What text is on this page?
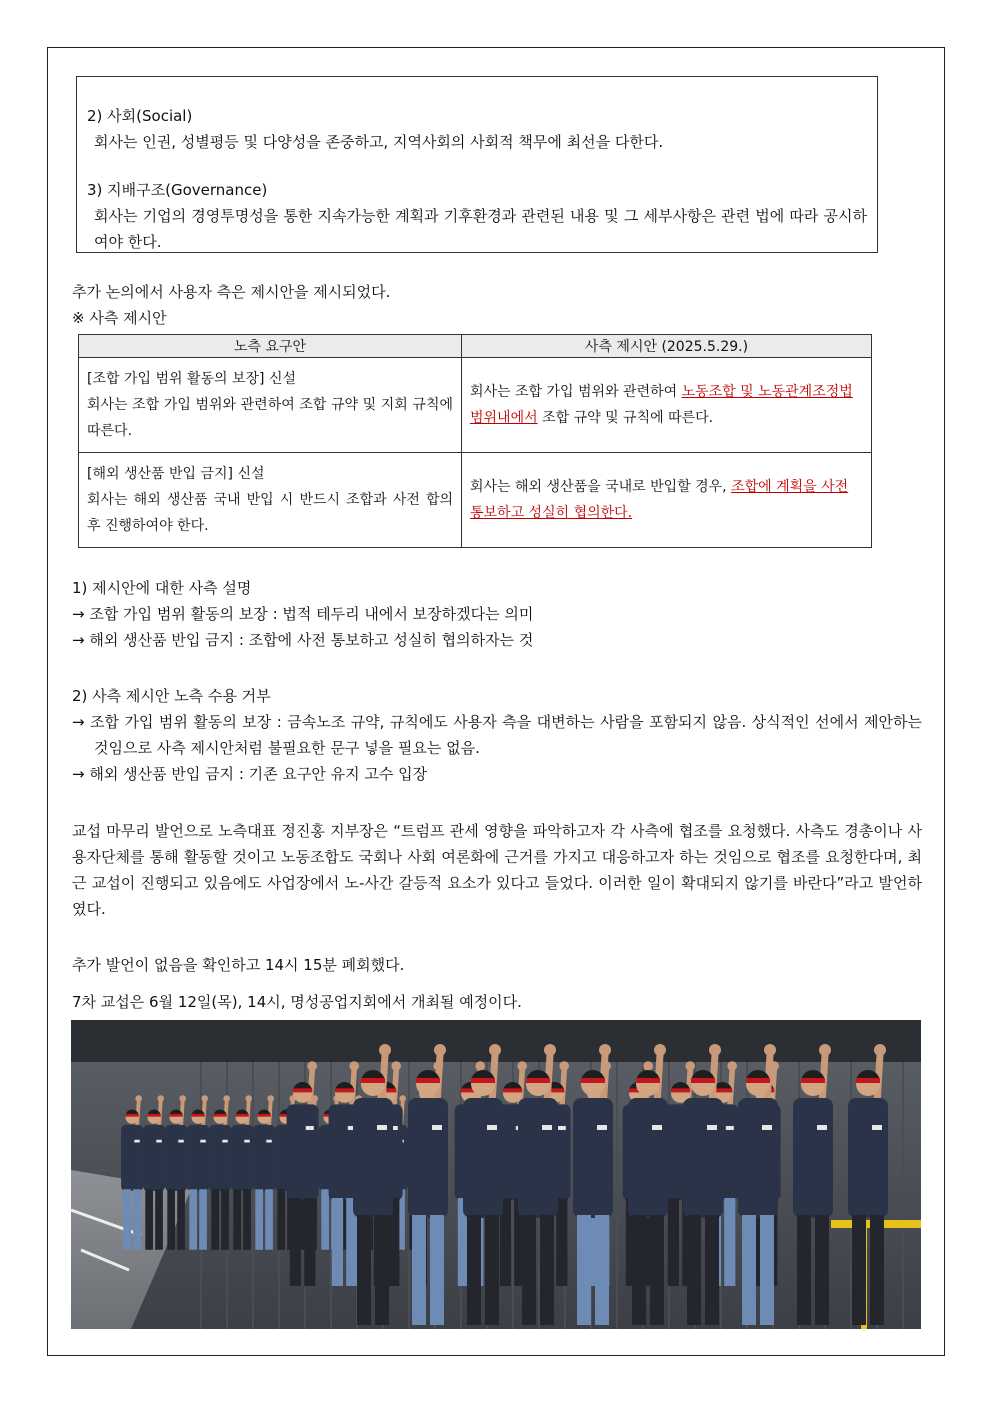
2) 사회(Social)
회사는 인권, 성별평등 및 다양성을 존중하고, 지역사회의 사회적 책무에 최선을 다한다.
3) 지배구조(Governance)
회사는 기업의 경영투명성을 통한 지속가능한 계획과 기후환경과 관련된 내용 및 그 세부사항은 관련 법에 따라 공시하여야 한다.
추가 논의에서 사용자 측은 제시안을 제시되었다.
※ 사측 제시안
노측 요구안	사측 제시안 (2025.5.29.)

[조합 가입 범위 활동의 보장] 신설
회사는 조합 가입 범위와 관련하여 조합 규약 및 지회 규칙에 따른다.	회사는 조합 가입 범위와 관련하여 노동조합 및 노동관계조정법 범위내에서 조합 규약 및 규칙에 따른다.

[해외 생산품 반입 금지] 신설
회사는 해외 생산품 국내 반입 시 반드시 조합과 사전 합의 후 진행하여야 한다.	회사는 해외 생산품을 국내로 반입할 경우, 조합에 계획을 사전 통보하고 성실히 협의한다.
1) 제시안에 대한 사측 설명
→ 조합 가입 범위 활동의 보장 : 법적 테두리 내에서 보장하겠다는 의미
→ 해외 생산품 반입 금지 : 조합에 사전 통보하고 성실히 협의하자는 것
2) 사측 제시안 노측 수용 거부
→ 조합 가입 범위 활동의 보장 : 금속노조 규약, 규칙에도 사용자 측을 대변하는 사람을 포함되지 않음. 상식적인 선에서 제안하는 것임으로 사측 제시안처럼 불필요한 문구 넣을 필요는 없음.
→ 해외 생산품 반입 금지 : 기존 요구안 유지 고수 입장
교섭 마무리 발언으로 노측대표 정진홍 지부장은 “트럼프 관세 영향을 파악하고자 각 사측에 협조를 요청했다. 사측도 경총이나 사용자단체를 통해 활동할 것이고 노동조합도 국회나 사회 여론화에 근거를 가지고 대응하고자 하는 것임으로 협조를 요청한다며, 최근 교섭이 진행되고 있음에도 사업장에서 노-사간 갈등적 요소가 있다고 들었다. 이러한 일이 확대되지 않기를 바란다”라고 발언하였다.
추가 발언이 없음을 확인하고 14시 15분 폐회했다.
7차 교섭은 6월 12일(목), 14시, 명성공업지회에서 개최될 예정이다.
